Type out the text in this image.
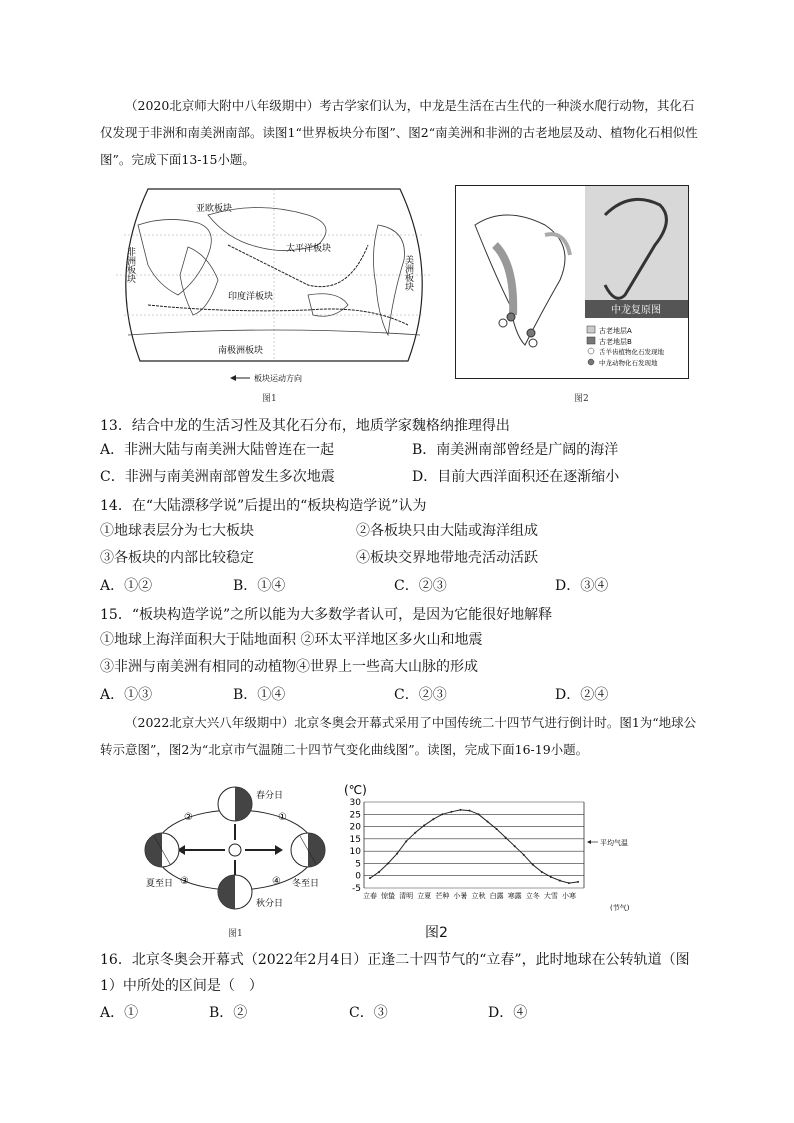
（2020北京师大附中八年级期中）考古学家们认为，中龙是生活在古生代的一种淡水爬行动物，其化石仅发现于非洲和南美洲南部。读图1“世界板块分布图”、图2“南美洲和非洲的古老地层及动、植物化石相似性图”。完成下面13-15小题。

亚欧板块
太平洋板块
非洲板块
印度洋板块
南极洲板块
美洲板块
板块运动方向
图1
中龙复原图
古老地层A
古老地层B
舌羊齿植物化石发现地
中龙动物化石发现地
图2

13．结合中龙的生活习性及其化石分布，地质学家魏格纳推理得出

A．非洲大陆与南美洲大陆曾连在一起	B．南美洲南部曾经是广阔的海洋
C．非洲与南美洲南部曾发生多次地震	D．目前大西洋面积还在逐渐缩小

14．在“大陆漂移学说”后提出的“板块构造学说”认为

①地球表层分为七大板块	②各板块只由大陆或海洋组成
③各板块的内部比较稳定	④板块交界地带地壳活动活跃
A．①②	B．①④	C．②③	D．③④

15．“板块构造学说”之所以能为大多数学者认可，是因为它能很好地解释

①地球上海洋面积大于陆地面积 ②环太平洋地区多火山和地震
③非洲与南美洲有相同的动植物④世界上一些高大山脉的形成
A．①③	B．①④	C．②③	D．②④

（2022北京大兴八年级期中）北京冬奥会开幕式采用了中国传统二十四节气进行倒计时。图1为“地球公转示意图”，图2为“北京市气温随二十四节气变化曲线图”。读图，完成下面16-19小题。

春分日
夏至日
秋分日
冬至日
①
②
③	④
图1
(℃)
-5
0
5
10
15
20
25
30
立春 惊蛰 清明 立夏 芒种 小暑 立秋 白露 寒露 立冬 大雪 小寒
平均气温
(节气)
图2

16．北京冬奥会开幕式（2022年2月4日）正逢二十四节气的“立春”，此时地球在公转轨道（图1）中所处的区间是（　）

A．①	B．②	C．③	D．④
